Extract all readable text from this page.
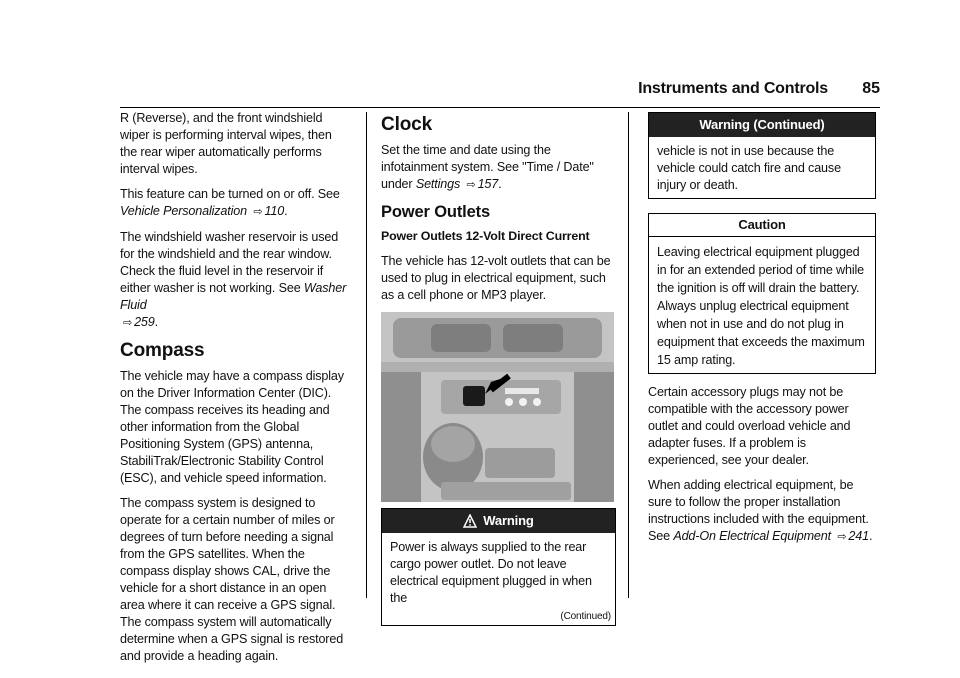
Instruments and Controls 85

R (Reverse), and the front windshield wiper is performing interval wipes, then the rear wiper automatically performs interval wipes.

This feature can be turned on or off. See Vehicle Personalization ⇨ 110.

The windshield washer reservoir is used for the windshield and the rear window. Check the fluid level in the reservoir if either washer is not working. See Washer Fluid
⇨ 259.

Compass

The vehicle may have a compass display on the Driver Information Center (DIC). The compass receives its heading and other information from the Global Positioning System (GPS) antenna, StabiliTrak/Electronic Stability Control (ESC), and vehicle speed information.

The compass system is designed to operate for a certain number of miles or degrees of turn before needing a signal from the GPS satellites. When the compass display shows CAL, drive the vehicle for a short distance in an open area where it can receive a GPS signal. The compass system will automatically determine when a GPS signal is restored and provide a heading again.

Clock

Set the time and date using the infotainment system. See "Time / Date" under Settings ⇨ 157.

Power Outlets

Power Outlets 12-Volt Direct Current

The vehicle has 12-volt outlets that can be used to plug in electrical equipment, such as a cell phone or MP3 player.

Warning
Power is always supplied to the rear cargo power outlet. Do not leave electrical equipment plugged in when the
(Continued)
Warning (Continued)
vehicle is not in use because the vehicle could catch fire and cause injury or death.
Caution
Leaving electrical equipment plugged in for an extended period of time while the ignition is off will drain the battery. Always unplug electrical equipment when not in use and do not plug in equipment that exceeds the maximum 15 amp rating.

Certain accessory plugs may not be compatible with the accessory power outlet and could overload vehicle and adapter fuses. If a problem is experienced, see your dealer.

When adding electrical equipment, be sure to follow the proper installation instructions included with the equipment. See Add-On Electrical Equipment ⇨ 241.
